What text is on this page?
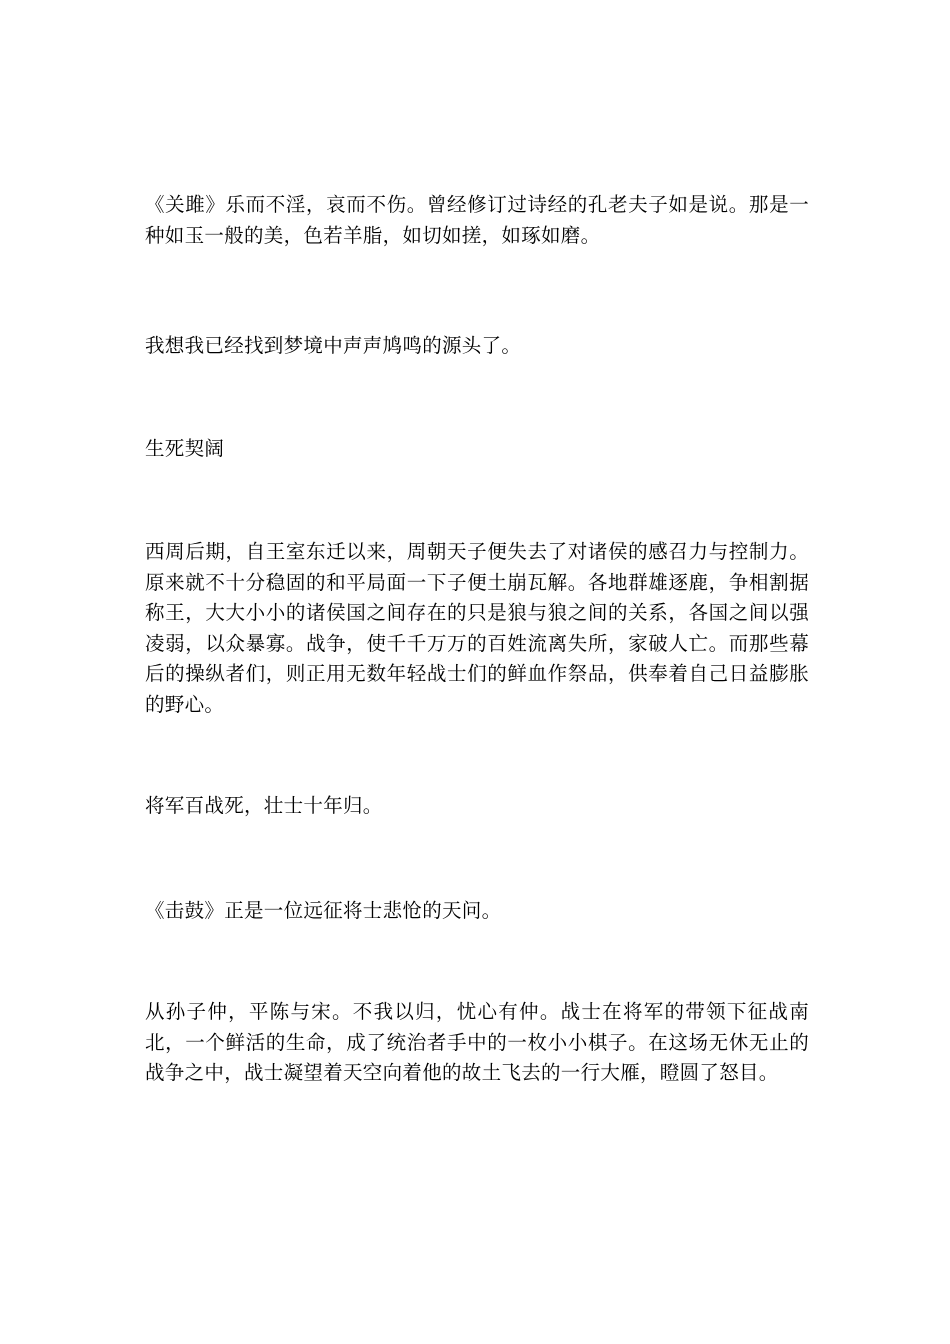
《关雎》乐而不淫，哀而不伤。曾经修订过诗经的孔老夫子如是说。那是一种如玉一般的美，色若羊脂，如切如搓，如琢如磨。

我想我已经找到梦境中声声鸠鸣的源头了。

生死契阔

西周后期，自王室东迁以来，周朝天子便失去了对诸侯的感召力与控制力。原来就不十分稳固的和平局面一下子便土崩瓦解。各地群雄逐鹿，争相割据称王，大大小小的诸侯国之间存在的只是狼与狼之间的关系，各国之间以强凌弱，以众暴寡。战争，使千千万万的百姓流离失所，家破人亡。而那些幕后的操纵者们，则正用无数年轻战士们的鲜血作祭品，供奉着自己日益膨胀的野心。

将军百战死，壮士十年归。

《击鼓》正是一位远征将士悲怆的天问。

从孙子仲，平陈与宋。不我以归，忧心有仲。战士在将军的带领下征战南北，一个鲜活的生命，成了统治者手中的一枚小小棋子。在这场无休无止的战争之中，战士凝望着天空向着他的故土飞去的一行大雁，瞪圆了怒目。
